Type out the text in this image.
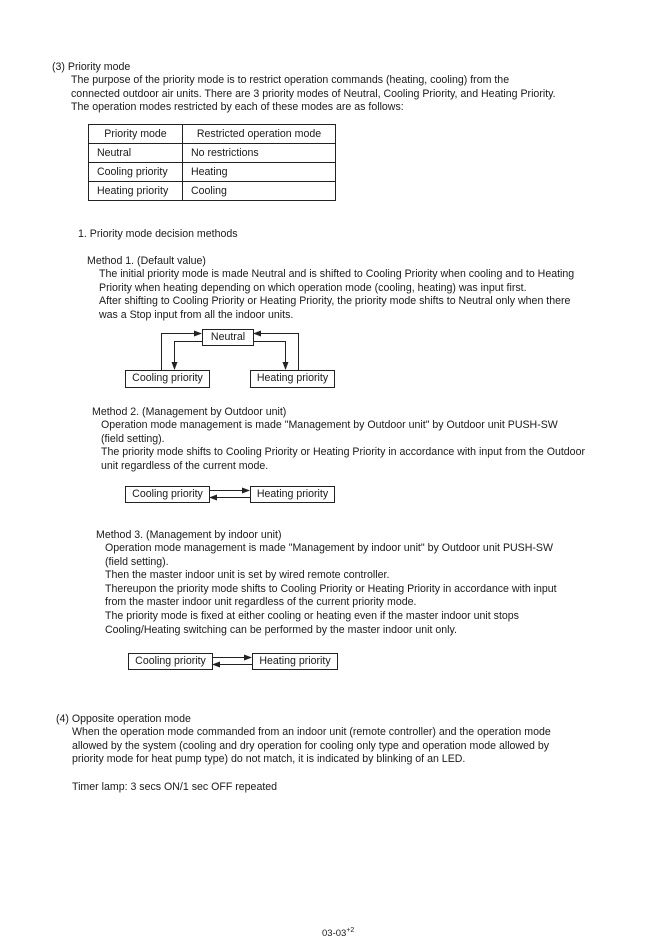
(3) Priority mode
The purpose of the priority mode is to restrict operation commands (heating, cooling) from the
connected outdoor air units. There are 3 priority modes of Neutral, Cooling Priority, and Heating Priority.
The operation modes restricted by each of these modes are as follows:
Priority mode	Restricted operation mode
Neutral	No restrictions
Cooling priority	Heating
Heating priority	Cooling
1. Priority mode decision methods
Method 1. (Default value)
The initial priority mode is made Neutral and is shifted to Cooling Priority when cooling and to Heating
Priority when heating depending on which operation mode (cooling, heating) was input first.
After shifting to Cooling Priority or Heating Priority, the priority mode shifts to Neutral only when there
was a Stop input from all the indoor units.
Method 2. (Management by Outdoor unit)
Operation mode management is made "Management by Outdoor unit" by Outdoor unit PUSH-SW
(field setting).
The priority mode shifts to Cooling Priority or Heating Priority in accordance with input from the Outdoor
unit regardless of the current mode.
Method 3. (Management by indoor unit)
Operation mode management is made "Management by indoor unit" by Outdoor unit PUSH-SW
(field setting).
Then the master indoor unit is set by wired remote controller.
Thereupon the priority mode shifts to Cooling Priority or Heating Priority in accordance with input
from the master indoor unit regardless of the current priority mode.
The priority mode is fixed at either cooling or heating even if the master indoor unit stops
Cooling/Heating switching can be performed by the master indoor unit only.
Neutral
Cooling priority	Heating priority
Cooling priority	Heating priority
Cooling priority	Heating priority
(4) Opposite operation mode
When the operation mode commanded from an indoor unit (remote controller) and the operation mode
allowed by the system (cooling and dry operation for cooling only type and operation mode allowed by
priority mode for heat pump type) do not match, it is indicated by blinking of an LED.
Timer lamp: 3 secs ON/1 sec OFF repeated
$03-03^{+2}$
